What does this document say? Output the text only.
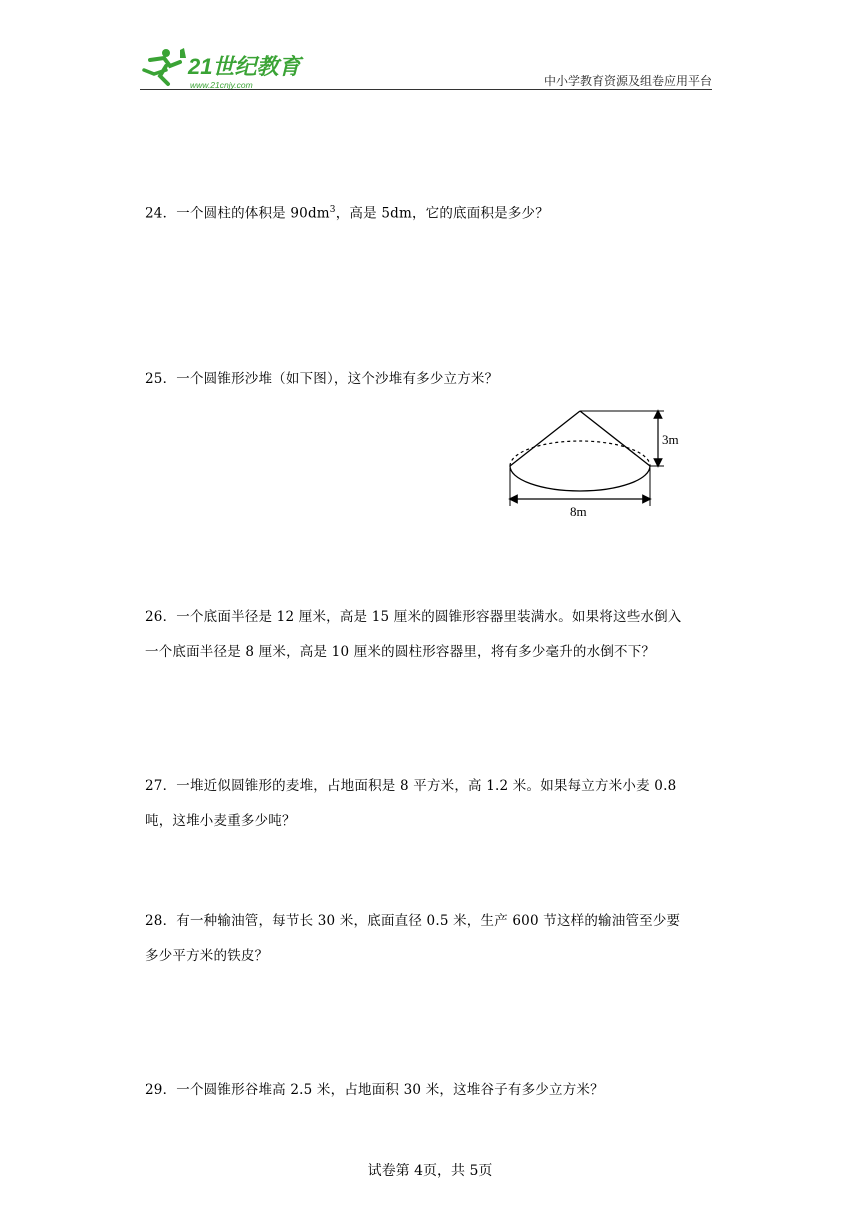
21世纪教育
www.21cnjy.com	中小学教育资源及组卷应用平台
24．一个圆柱的体积是 $90dm^3$，高是 5dm，它的底面积是多少？
25．一个圆锥形沙堆（如下图），这个沙堆有多少立方米？
3m
8m
26．一个底面半径是 12 厘米，高是 15 厘米的圆锥形容器里装满水。如果将这些水倒入
一个底面半径是 8 厘米，高是 10 厘米的圆柱形容器里，将有多少毫升的水倒不下？
27．一堆近似圆锥形的麦堆，占地面积是 8 平方米，高 1.2 米。如果每立方米小麦 0.8
吨，这堆小麦重多少吨？
28．有一种输油管，每节长 30 米，底面直径 0.5 米，生产 600 节这样的输油管至少要
多少平方米的铁皮？
29．一个圆锥形谷堆高 2.5 米，占地面积 30 米，这堆谷子有多少立方米？
试卷第 4页，共 5页
